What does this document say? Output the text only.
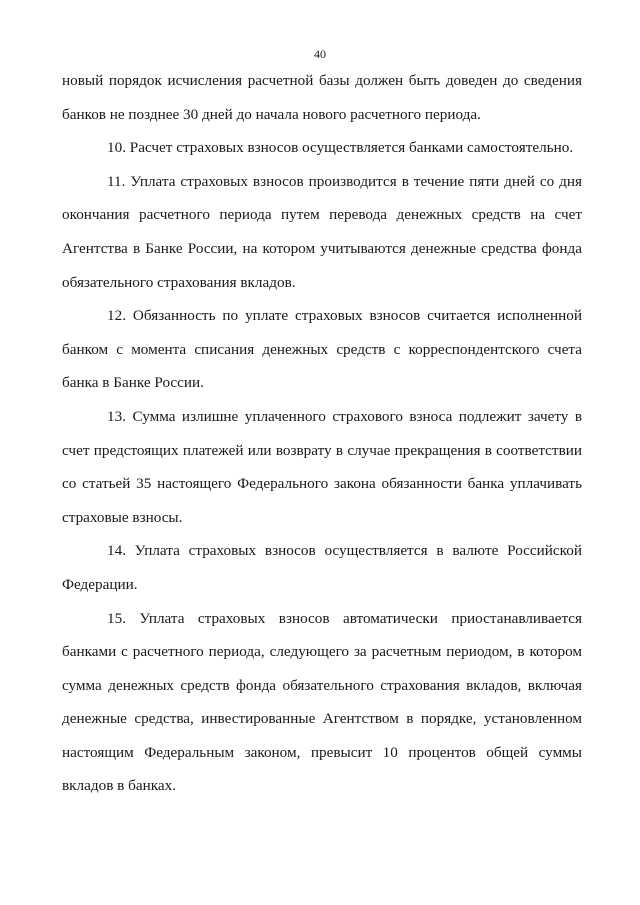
40
новый порядок исчисления расчетной базы должен быть доведен до сведения
банков не позднее 30 дней до начала нового расчетного периода.
10. Расчет страховых взносов осуществляется банками самостоятельно.
11. Уплата страховых взносов производится в течение пяти дней со дня
окончания расчетного периода путем перевода денежных средств на счет
Агентства в Банке России, на котором учитываются денежные средства фонда
обязательного страхования вкладов.
12. Обязанность по уплате страховых взносов считается исполненной
банком с момента списания денежных средств с корреспондентского счета
банка в Банке России.
13. Сумма излишне уплаченного страхового взноса подлежит зачету в
счет предстоящих платежей или возврату в случае прекращения в соответствии
со статьей 35 настоящего Федерального закона обязанности банка уплачивать
страховые взносы.
14. Уплата страховых взносов осуществляется в валюте Российской
Федерации.
15. Уплата страховых взносов автоматически приостанавливается
банками с расчетного периода, следующего за расчетным периодом, в котором
сумма денежных средств фонда обязательного страхования вкладов, включая
денежные средства, инвестированные Агентством в порядке, установленном
настоящим Федеральным законом, превысит 10 процентов общей суммы
вкладов в банках.
